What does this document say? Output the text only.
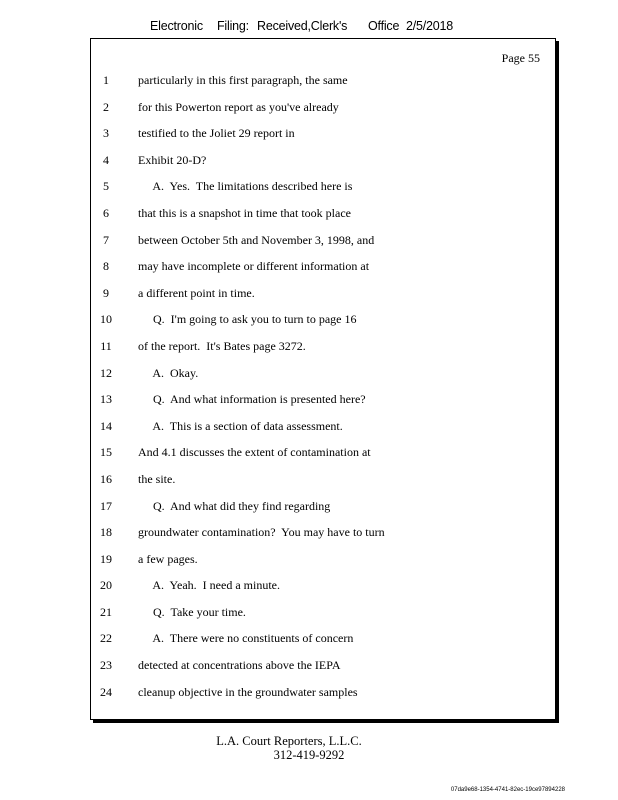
Electronic Filing: Received,Clerk's Office 2/5/2018
Page 55
1	particularly in this first paragraph, the same
2	for this Powerton report as you've already
3	testified to the Joliet 29 report in
4	Exhibit 20-D?
5	A.  Yes.  The limitations described here is
6	that this is a snapshot in time that took place
7	between October 5th and November 3, 1998, and
8	may have incomplete or different information at
9	a different point in time.
10	Q.  I'm going to ask you to turn to page 16
11	of the report.  It's Bates page 3272.
12	A.  Okay.
13	Q.  And what information is presented here?
14	A.  This is a section of data assessment.
15	And 4.1 discusses the extent of contamination at
16	the site.
17	Q.  And what did they find regarding
18	groundwater contamination?  You may have to turn
19	a few pages.
20	A.  Yeah.  I need a minute.
21	Q.  Take your time.
22	A.  There were no constituents of concern
23	detected at concentrations above the IEPA
24	cleanup objective in the groundwater samples
L.A. Court Reporters, L.L.C.
312-419-9292
07da9e68-1354-4741-82ec-19ce97894228
